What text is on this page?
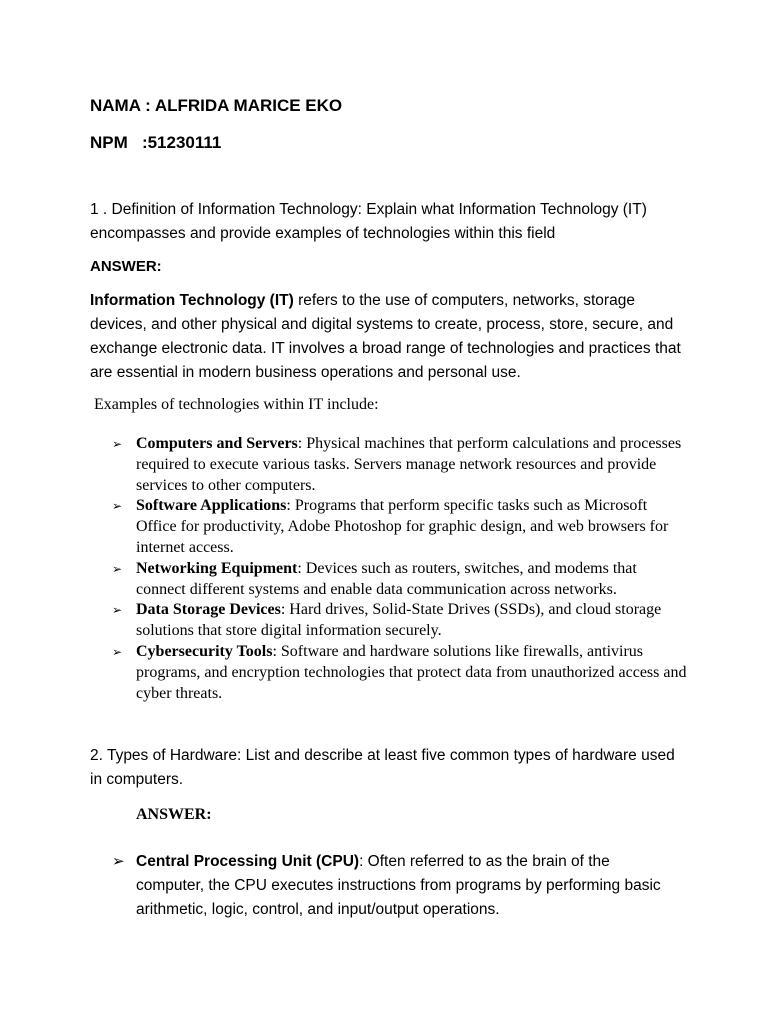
NAMA : ALFRIDA MARICE EKO
NPM   :51230111

1 . Definition of Information Technology: Explain what Information Technology (IT) encompasses and provide examples of technologies within this field

ANSWER:

Information Technology (IT) refers to the use of computers, networks, storage devices, and other physical and digital systems to create, process, store, secure, and exchange electronic data. IT involves a broad range of technologies and practices that are essential in modern business operations and personal use.

Examples of technologies within IT include:
➢ Computers and Servers: Physical machines that perform calculations and processes required to execute various tasks. Servers manage network resources and provide services to other computers.
➢ Software Applications: Programs that perform specific tasks such as Microsoft Office for productivity, Adobe Photoshop for graphic design, and web browsers for internet access.
➢ Networking Equipment: Devices such as routers, switches, and modems that connect different systems and enable data communication across networks.
➢ Data Storage Devices: Hard drives, Solid-State Drives (SSDs), and cloud storage solutions that store digital information securely.
➢ Cybersecurity Tools: Software and hardware solutions like firewalls, antivirus programs, and encryption technologies that protect data from unauthorized access and cyber threats.

2. Types of Hardware: List and describe at least five common types of hardware used in computers.

ANSWER:
➢ Central Processing Unit (CPU): Often referred to as the brain of the computer, the CPU executes instructions from programs by performing basic arithmetic, logic, control, and input/output operations.
